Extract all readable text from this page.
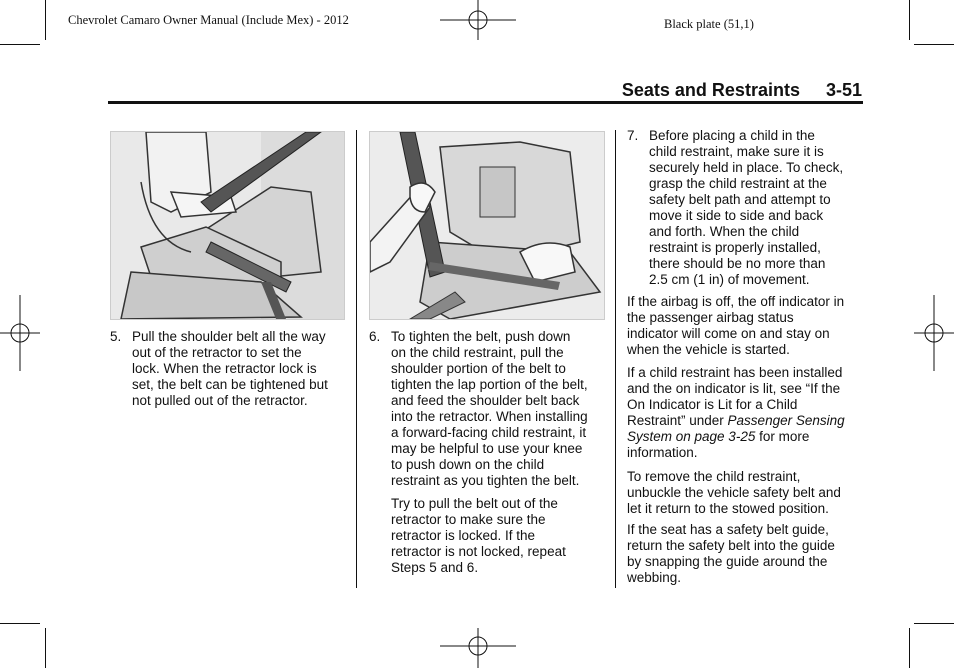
Chevrolet Camaro Owner Manual (Include Mex) - 2012	Black plate (51,1)
Seats and Restraints 3-51
5. Pull the shoulder belt all the way

out of the retractor to set the

lock. When the retractor lock is

set, the belt can be tightened but

not pulled out of the retractor.

6. To tighten the belt, push down

on the child restraint, pull the

shoulder portion of the belt to

tighten the lap portion of the belt,

and feed the shoulder belt back

into the retractor. When installing

a forward-facing child restraint, it

may be helpful to use your knee

to push down on the child

restraint as you tighten the belt.

Try to pull the belt out of the

retractor to make sure the

retractor is locked. If the

retractor is not locked, repeat

Steps 5 and 6.

7. Before placing a child in the

child restraint, make sure it is

securely held in place. To check,

grasp the child restraint at the

safety belt path and attempt to

move it side to side and back

and forth. When the child

restraint is properly installed,

there should be no more than

2.5 cm (1 in) of movement.

If the airbag is off, the off indicator in

the passenger airbag status

indicator will come on and stay on

when the vehicle is started.

If a child restraint has been installed

and the on indicator is lit, see “If the

On Indicator is Lit for a Child

Restraint” under Passenger Sensing

System on page 3-25 for more

information.

To remove the child restraint,

unbuckle the vehicle safety belt and

let it return to the stowed position.

If the seat has a safety belt guide,

return the safety belt into the guide

by snapping the guide around the

webbing.
